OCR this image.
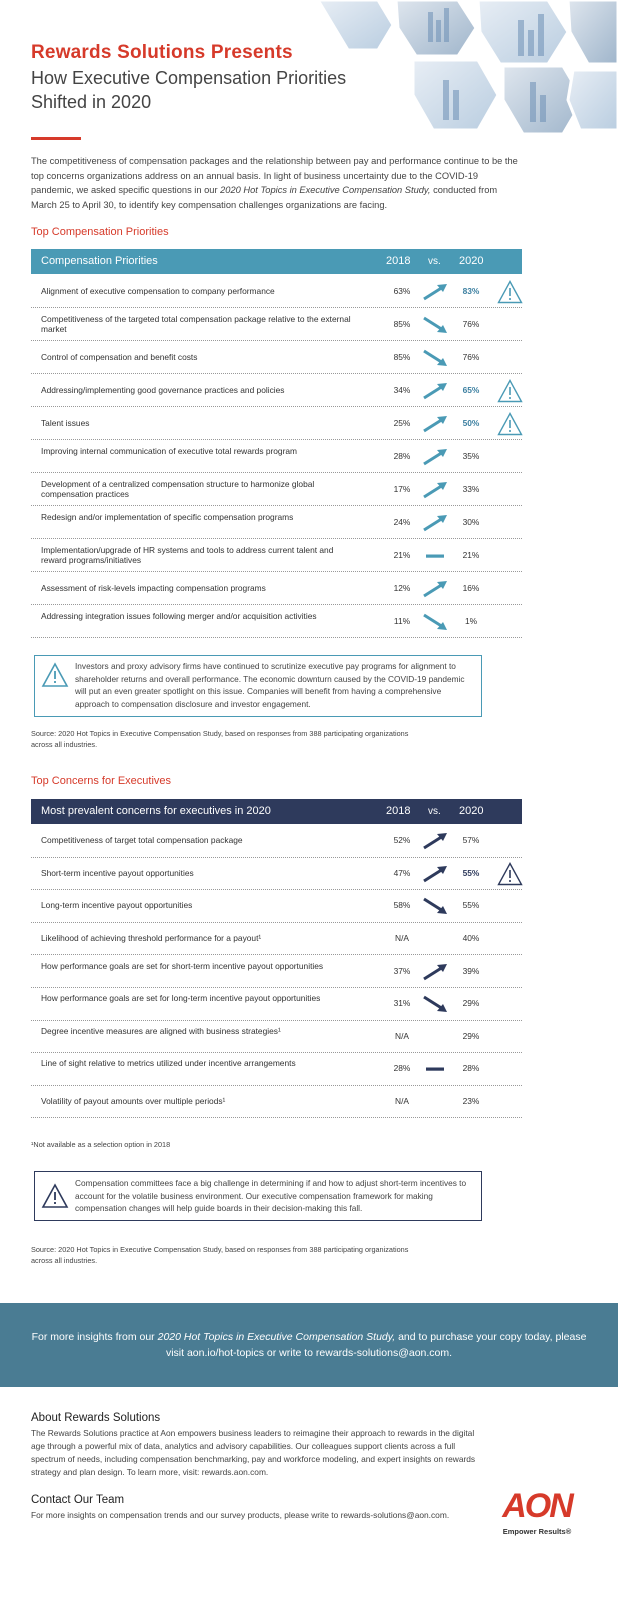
Rewards Solutions Presents
How Executive Compensation Priorities Shifted in 2020
The competitiveness of compensation packages and the relationship between pay and performance continue to be the top concerns organizations address on an annual basis. In light of business uncertainty due to the COVID-19 pandemic, we asked specific questions in our 2020 Hot Topics in Executive Compensation Study, conducted from March 25 to April 30, to identify key compensation challenges organizations are facing.
Top Compensation Priorities
Compensation Priorities	2018 vs. 2020
Alignment of executive compensation to company performance	63%	83%
Competitiveness of the targeted total compensation package relative to the external market
85%	76%
Control of compensation and benefit costs	85%	76%
Addressing/implementing good governance practices and policies	34%	65%
Talent issues	25%	50%
Improving internal communication of executive total rewards program	28%	35%
Development of a centralized compensation structure to harmonize global compensation practices
17%	33%
Redesign and/or implementation of specific compensation programs	24%	30%
Implementation/upgrade of HR systems and tools to address current talent and reward programs/initiatives
21%	21%
Assessment of risk-levels impacting compensation programs	12%	16%
Addressing integration issues following merger and/or acquisition activities	11%	1%
Investors and proxy advisory firms have continued to scrutinize executive pay programs for alignment to shareholder returns and overall performance. The economic downturn caused by the COVID-19 pandemic will put an even greater spotlight on this issue. Companies will benefit from having a comprehensive approach to compensation disclosure and investor engagement.
Source: 2020 Hot Topics in Executive Compensation Study, based on responses from 388 participating organizations across all industries.
Top Concerns for Executives
Most prevalent concerns for executives in 2020	2018 vs. 2020
Competitiveness of target total compensation package	52%	57%
Short-term incentive payout opportunities	47%	55%
Long-term incentive payout opportunities	58%	55%
Likelihood of achieving threshold performance for a payout¹	N/A	40%
How performance goals are set for short-term incentive payout opportunities	37%	39%
How performance goals are set for long-term incentive payout opportunities	31%	29%
Degree incentive measures are aligned with business strategies¹	N/A	29%
Line of sight relative to metrics utilized under incentive arrangements	28%	28%
Volatility of payout amounts over multiple periods¹	N/A	23%
¹Not available as a selection option in 2018
Compensation committees face a big challenge in determining if and how to adjust short-term incentives to account for the volatile business environment. Our executive compensation framework for making compensation changes will help guide boards in their decision-making this fall.
Source: 2020 Hot Topics in Executive Compensation Study, based on responses from 388 participating organizations across all industries.
For more insights from our 2020 Hot Topics in Executive Compensation Study, and to purchase your copy today, please visit aon.io/hot-topics or write to rewards-solutions@aon.com.
About Rewards Solutions
The Rewards Solutions practice at Aon empowers business leaders to reimagine their approach to rewards in the digital age through a powerful mix of data, analytics and advisory capabilities. Our colleagues support clients across a full spectrum of needs, including compensation benchmarking, pay and workforce modeling, and expert insights on rewards strategy and plan design. To learn more, visit: rewards.aon.com.
Contact Our Team
For more insights on compensation trends and our survey products, please write to rewards-solutions@aon.com.	AON
Empower Results®
